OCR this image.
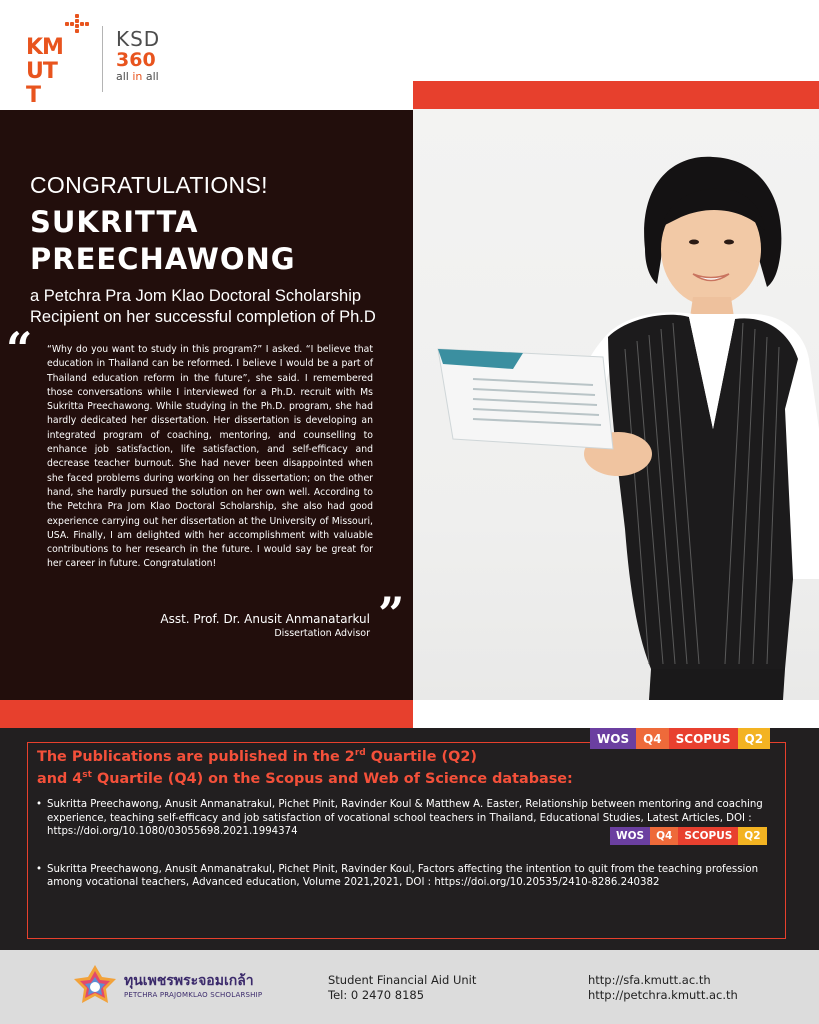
KMUTT
KSD
360
all in all
CONGRATULATIONS!
SUKRITTA
PREECHAWONG
a Petchra Pra Jom Klao Doctoral Scholarship
Recipient on her successful completion of Ph.D
“ “Why do you want to study in this program?” I asked. “I believe that education in Thailand can be reformed. I believe I would be a part of Thailand education reform in the future”, she said. I remembered those conversations while I interviewed for a Ph.D. recruit with Ms Sukritta Preechawong. While studying in the Ph.D. program, she had hardly dedicated her dissertation. Her dissertation is developing an integrated program of coaching, mentoring, and counselling to enhance job satisfaction, life satisfaction, and self-efficacy and decrease teacher burnout. She had never been disappointed when she faced problems during working on her dissertation; on the other hand, she hardly pursued the solution on her own well. According to the Petchra Pra Jom Klao Doctoral Scholarship, she also had good experience carrying out her dissertation at the University of Missouri, USA. Finally, I am delighted with her accomplishment with valuable contributions to her research in the future. I would say be great for her career in future. Congratulation!
”
Asst. Prof. Dr. Anusit Anmanatarkul
Dissertation Advisor
WOS	Q4	SCOPUS	Q2
The Publications are published in the 2rd Quartile (Q2)
and 4st Quartile (Q4) on the Scopus and Web of Science database:
• Sukritta Preechawong, Anusit Anmanatrakul, Pichet Pinit, Ravinder Koul & Matthew A. Easter, Relationship between mentoring and coaching experience, teaching self-efficacy and job satisfaction of vocational school teachers in Thailand, Educational Studies, Latest Articles, DOI : https://doi.org/10.1080/03055698.2021.1994374
• Sukritta Preechawong, Anusit Anmanatrakul, Pichet Pinit, Ravinder Koul, Factors affecting the intention to quit from the teaching profession among vocational teachers, Advanced education, Volume 2021,2021, DOI : https://doi.org/10.20535/2410-8286.240382
WOS	Q4	SCOPUS	Q2
ทุนเพชรพระจอมเกล้า
PETCHRA PRAJOMKLAO SCHOLARSHIP
Student Financial Aid Unit
Tel: 0 2470 8185
http://sfa.kmutt.ac.th
http://petchra.kmutt.ac.th
